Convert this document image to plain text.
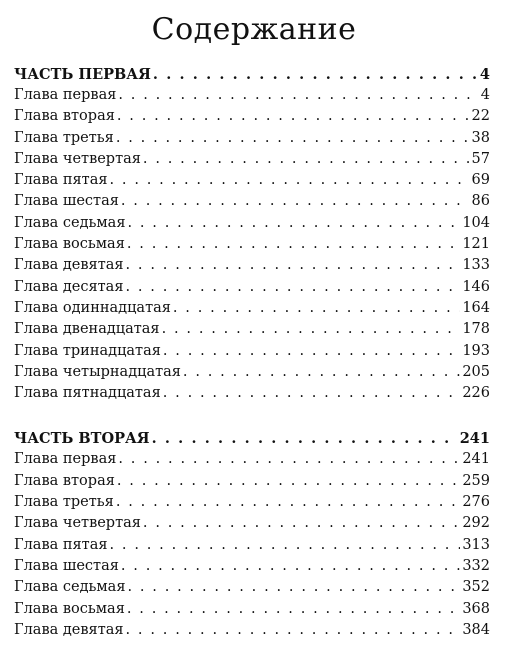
Содержание
ЧАСТЬ ПЕРВАЯ . . .	4
Глава первая . . .	4
Глава вторая . . .	22
Глава третья . . .	38
Глава четвертая . . .	57
Глава пятая . . .	69
Глава шестая . . .	86
Глава седьмая . . .	104
Глава восьмая . . .	121
Глава девятая . . .	133
Глава десятая . . .	146
Глава одиннадцатая . . .	164
Глава двенадцатая . . .	178
Глава тринадцатая . . .	193
Глава четырнадцатая . . .	205
Глава пятнадцатая . . .	226
ЧАСТЬ ВТОРАЯ . . .	241
Глава первая . . .	241
Глава вторая . . .	259
Глава третья . . .	276
Глава четвертая . . .	292
Глава пятая . . .	313
Глава шестая . . .	332
Глава седьмая . . .	352
Глава восьмая . . .	368
Глава девятая . . .	384
